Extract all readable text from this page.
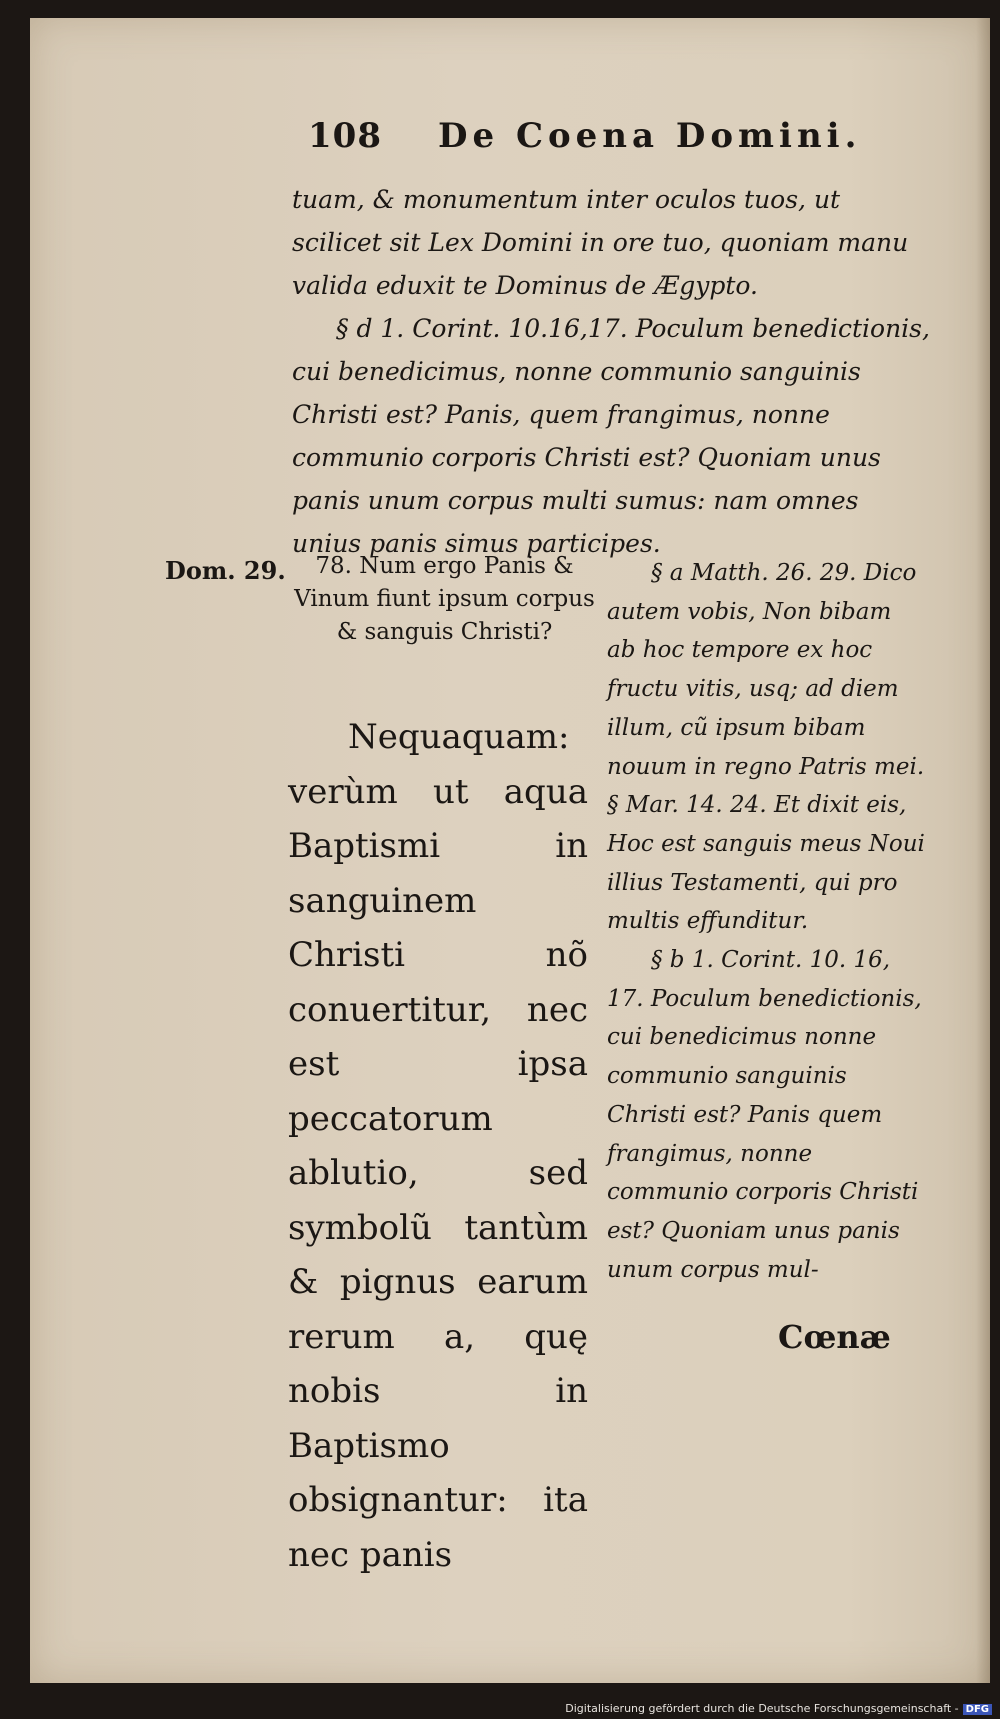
108 De Coena Domini.

tuam, & monumentum inter oculos tuos, ut scilicet sit Lex Domini in ore tuo, quoniam manu valida eduxit te Dominus de Ægypto.

§ d 1. Corint. 10.16,17. Poculum benedictionis, cui benedicimus, nonne communio sanguinis Christi est? Panis, quem frangimus, nonne communio corporis Christi est? Quoniam unus panis unum corpus multi sumus: nam omnes unius panis simus participes.

Dom. 29.	78. Num ergo Panis & Vinum fiunt ipsum corpus & sanguis Christi?

Nequaquam: verùm ut aqua Baptismi in sanguinem Christi nõ conuertitur, nec est ipsa peccatorum ablutio, sed symbolũ tantùm & pignus earum rerum a, quę nobis in Baptismo obsignantur: ita nec panis

§ a Matth. 26. 29. Dico autem vobis, Non bibam ab hoc tempore ex hoc fructu vitis, usq; ad diem illum, cũ ipsum bibam nouum in regno Patris mei. § Mar. 14. 24. Et dixit eis, Hoc est sanguis meus Noui illius Testamenti, qui pro multis effunditur.

§ b 1. Corint. 10. 16, 17. Poculum benedictionis, cui benedicimus nonne communio sanguinis Christi est? Panis quem frangimus, nonne communio corporis Christi est? Quoniam unus panis unum corpus mul-

Cœnæ
Digitalisierung gefördert durch die Deutsche Forschungsgemeinschaft - DFG
